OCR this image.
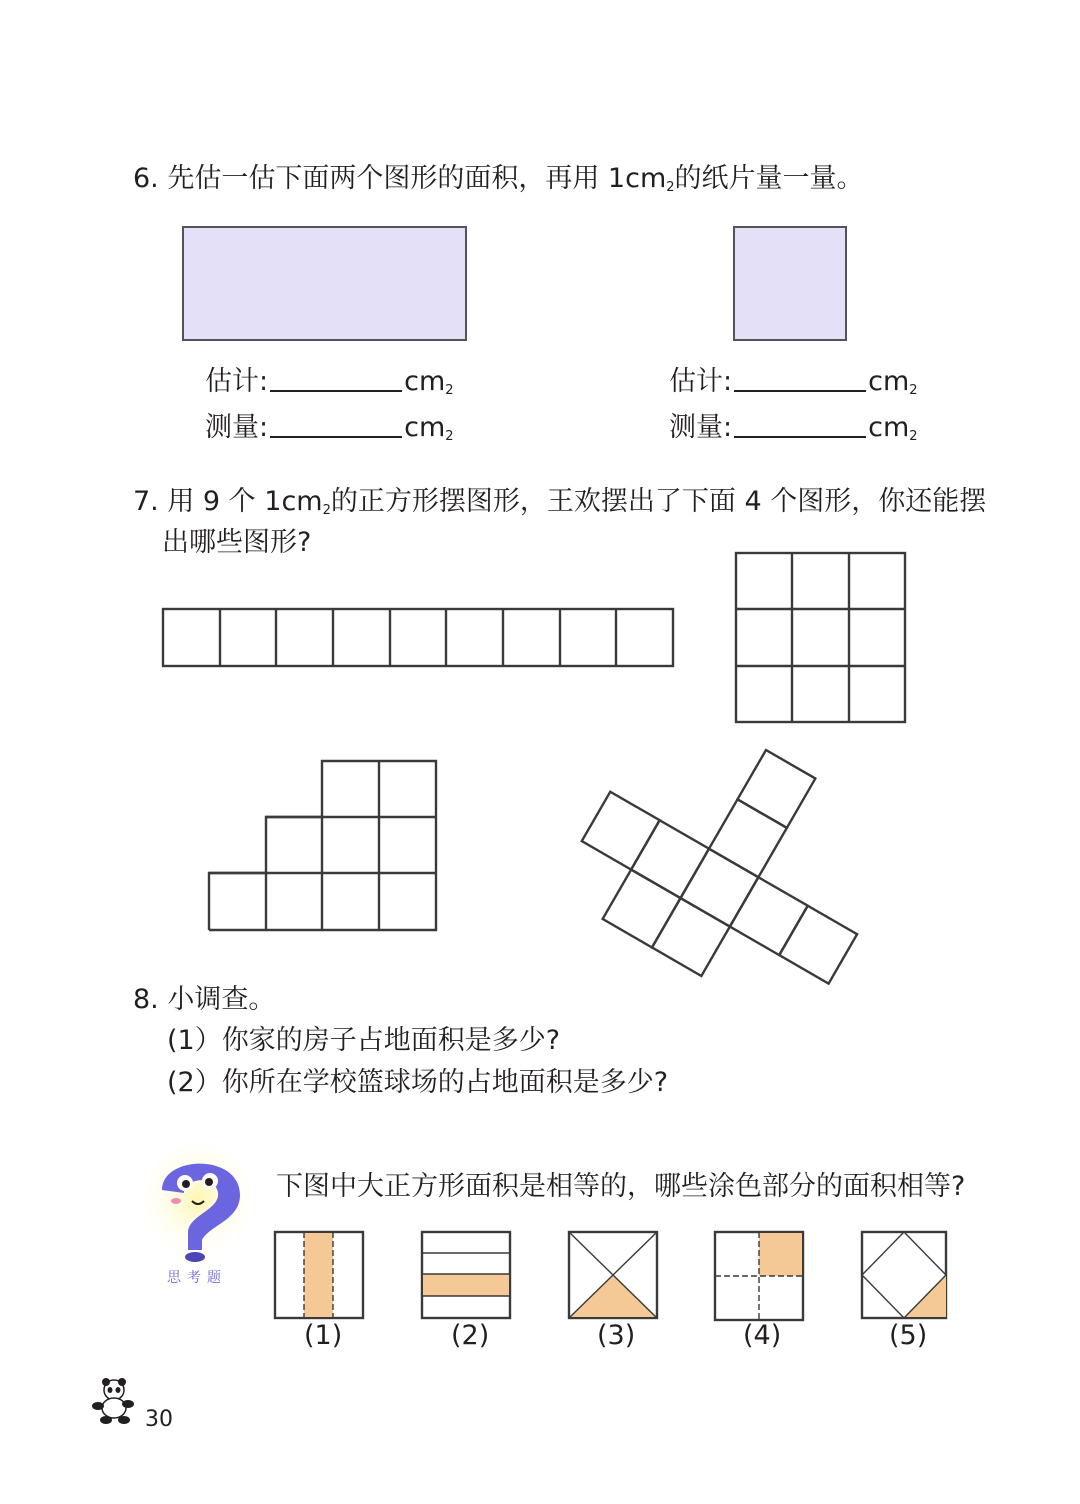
6. 先估一估下面两个图形的面积，再用 1cm2的纸片量一量。
估计:	cm2
测量:	cm2
估计:	cm2
测量:	cm2
7. 用 9 个 1cm2的正方形摆图形，王欢摆出了下面 4 个图形，你还能摆
出哪些图形?
8. 小调查。
(1）你家的房子占地面积是多少?
(2）你所在学校篮球场的占地面积是多少?
思考题
下图中大正方形面积是相等的，哪些涂色部分的面积相等?
(1)	(2)	(3)	(4)	(5)
30
